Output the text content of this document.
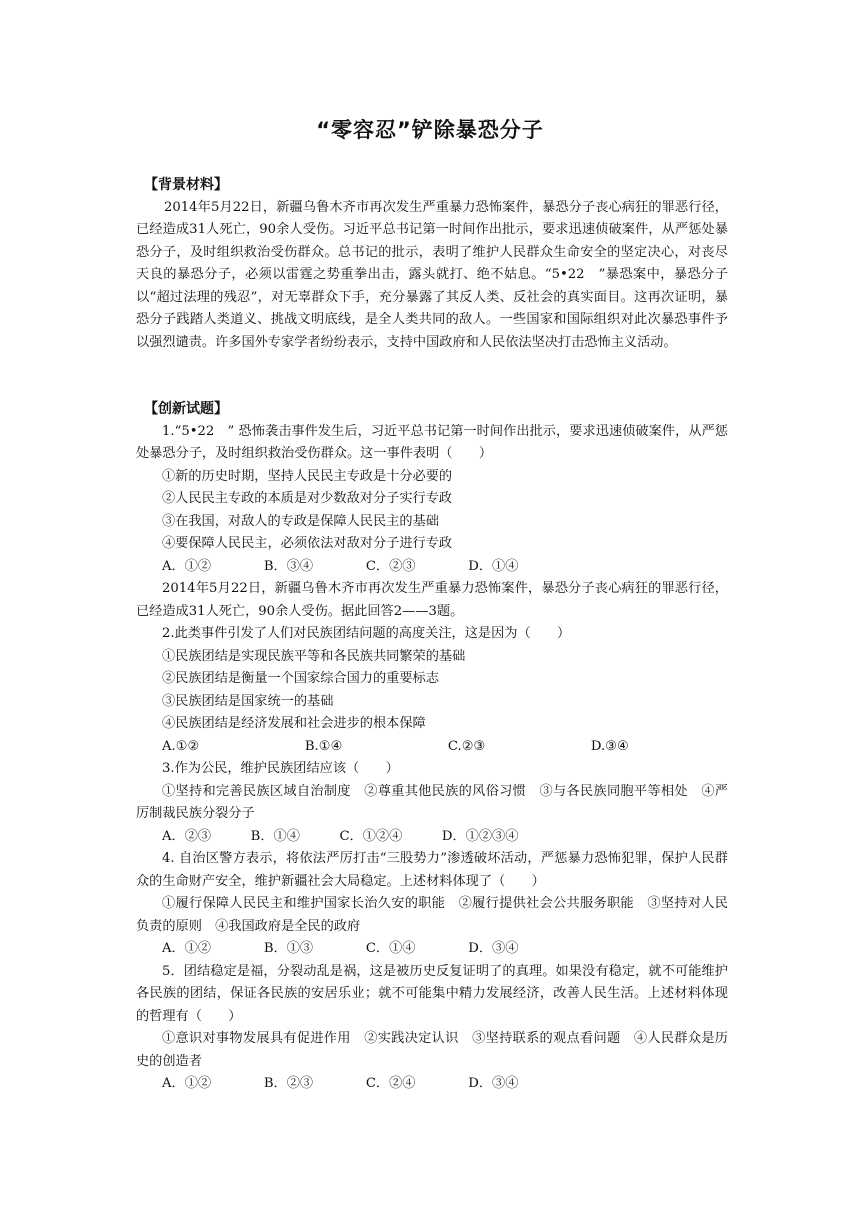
“零容忍”铲除暴恐分子
【背景材料】

2014年5月22日，新疆乌鲁木齐市再次发生严重暴力恐怖案件，暴恐分子丧心病狂的罪恶行径，已经造成31人死亡，90余人受伤。习近平总书记第一时间作出批示，要求迅速侦破案件，从严惩处暴恐分子，及时组织救治受伤群众。总书记的批示，表明了维护人民群众生命安全的坚定决心，对丧尽天良的暴恐分子，必须以雷霆之势重拳出击，露头就打、绝不姑息。“5•22　”暴恐案中，暴恐分子以“超过法理的残忍”，对无辜群众下手，充分暴露了其反人类、反社会的真实面目。这再次证明，暴恐分子践踏人类道义、挑战文明底线，是全人类共同的敌人。一些国家和国际组织对此次暴恐事件予以强烈谴责。许多国外专家学者纷纷表示，支持中国政府和人民依法坚决打击恐怖主义活动。

【创新试题】

1.“5•22　” 恐怖袭击事件发生后，习近平总书记第一时间作出批示，要求迅速侦破案件，从严惩处暴恐分子，及时组织救治受伤群众。这一事件表明（　　）

①新的历史时期，坚持人民民主专政是十分必要的

②人民民主专政的本质是对少数敌对分子实行专政

③在我国，对敌人的专政是保障人民民主的基础

④要保障人民民主，必须依法对敌对分子进行专政

A．①②　　　　B．③④　　　　C．②③　　　　D．①④

2014年5月22日，新疆乌鲁木齐市再次发生严重暴力恐怖案件，暴恐分子丧心病狂的罪恶行径，已经造成31人死亡，90余人受伤。据此回答2——3题。

2.此类事件引发了人们对民族团结问题的高度关注，这是因为（　　）

①民族团结是实现民族平等和各民族共同繁荣的基础

②民族团结是衡量一个国家综合国力的重要标志

③民族团结是国家统一的基础

④民族团结是经济发展和社会进步的根本保障

A.①②　　　　　　　　B.①④　　　　　　　　C.②③　　　　　　　　D.③④

3.作为公民，维护民族团结应该（　　）

①坚持和完善民族区域自治制度　②尊重其他民族的风俗习惯　③与各民族同胞平等相处　④严厉制裁民族分裂分子

A．②③　　　B．①④　　　C．①②④　　　D．①②③④

4. 自治区警方表示，将依法严厉打击“三股势力”渗透破坏活动，严惩暴力恐怖犯罪，保护人民群众的生命财产安全，维护新疆社会大局稳定。上述材料体现了（　　）

①履行保障人民民主和维护国家长治久安的职能　②履行提供社会公共服务职能　③坚持对人民负责的原则　④我国政府是全民的政府

A．①②　　　　B．①③　　　　C．①④　　　　D．③④

5．团结稳定是福，分裂动乱是祸，这是被历史反复证明了的真理。如果没有稳定，就不可能维护各民族的团结，保证各民族的安居乐业；就不可能集中精力发展经济，改善人民生活。上述材料体现的哲理有（　　）

①意识对事物发展具有促进作用　②实践决定认识　③坚持联系的观点看问题　④人民群众是历史的创造者

A．①②　　　　B．②③　　　　C．②④　　　　D．③④
